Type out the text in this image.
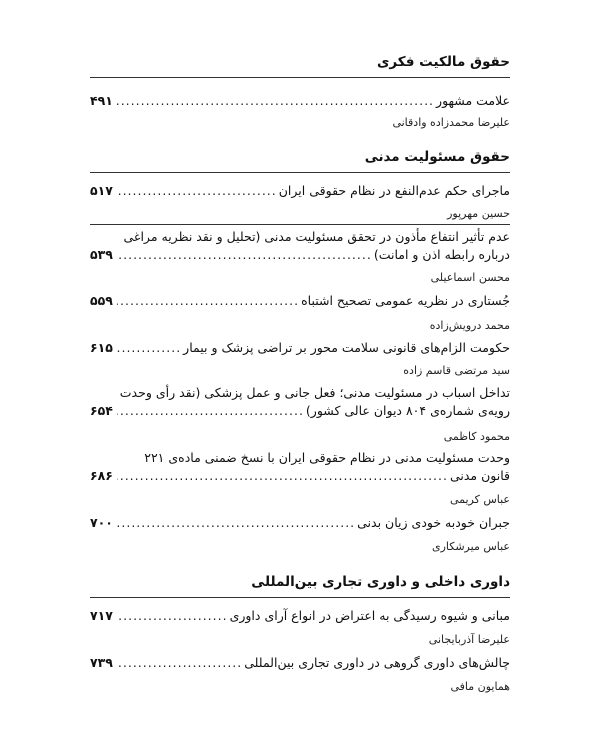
حقوق مالکیت فکری
علامت مشهور
.....
۴۹۱
علیرضا محمدزاده وادقانی
حقوق مسئولیت مدنی
ماجرای حکم عدم‌النفع در نظام حقوقی ایران
.....
۵۱۷
حسین مهرپور
عدم تأثیر انتفاع مأذون در تحقق مسئولیت مدنی (تحلیل و نقد نظریه مراغی
درباره رابطه اذن و امانت)
.....
۵۳۹
محسن اسماعیلی
جُستاری در نظریه عمومی تصحیح اشتباه
.....
۵۵۹
محمد درویش‌زاده
حکومت الزام‌های قانونی سلامت محور بر تراضی پزشک و بیمار
.....
۶۱۵
سید مرتضی قاسم زاده
تداخل اسباب در مسئولیت مدنی؛ فعل جانی و عمل پزشکی (نقد رأی وحدت
رویه‌ی شماره‌ی ۸۰۴ دیوان عالی کشور)
.....
۶۵۴
محمود کاظمی
وحدت مسئولیت مدنی در نظام حقوقی ایران با نسخ ضمنی ماده‌ی ۲۲۱
قانون مدنی
.....
۶۸۶
عباس کریمی
جبران خودبه خودی زیان بدنی
.....
۷۰۰
عباس میرشکاری
داوری داخلی و داوری تجاری بین‌المللی
مبانی و شیوه رسیدگی به اعتراض در انواع آرای داوری
.....
۷۱۷
علیرضا آذربایجانی
چالش‌های داوری گروهی در داوری تجاری بین‌المللی
.....
۷۳۹
همایون مافی
